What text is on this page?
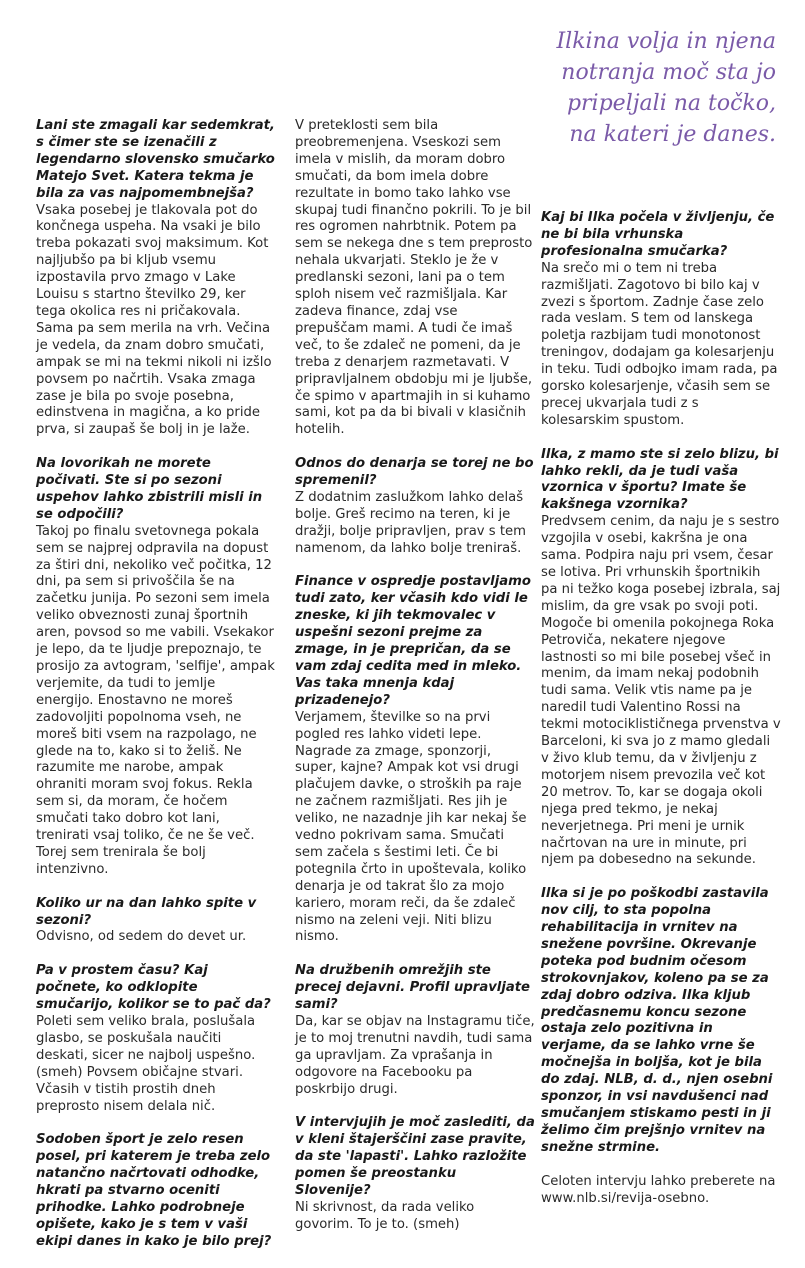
Ilkina volja in njena notranja moč sta jo pripeljali na točko, na kateri je danes.
Lani ste zmagali kar sedemkrat, s čimer ste se izenačili z legendarno slovensko smučarko Matejo Svet. Katera tekma je bila za vas najpomembnejša?
Vsaka posebej je tlakovala pot do končnega uspeha. Na vsaki je bilo treba pokazati svoj maksimum. Kot najljubšo pa bi kljub vsemu izpostavila prvo zmago v Lake Louisu s startno številko 29, ker tega okolica res ni pričakovala. Sama pa sem merila na vrh. Večina je vedela, da znam dobro smučati, ampak se mi na tekmi nikoli ni izšlo povsem po načrtih. Vsaka zmaga zase je bila po svoje posebna, edinstvena in magična, a ko pride prva, si zaupaš še bolj in je laže.
Na lovorikah ne morete počivati. Ste si po sezoni uspehov lahko zbistrili misli in se odpočili?
Takoj po finalu svetovnega pokala sem se najprej odpravila na dopust za štiri dni, nekoliko več počitka, 12 dni, pa sem si privoščila še na začetku junija. Po sezoni sem imela veliko obveznosti zunaj športnih aren, povsod so me vabili. Vsekakor je lepo, da te ljudje prepoznajo, te prosijo za avtogram, 'selfije', ampak verjemite, da tudi to jemlje energijo. Enostavno ne moreš zadovoljiti popolnoma vseh, ne moreš biti vsem na razpolago, ne glede na to, kako si to želiš. Ne razumite me narobe, ampak ohraniti moram svoj fokus. Rekla sem si, da moram, če hočem smučati tako dobro kot lani, trenirati vsaj toliko, če ne še več. Torej sem trenirala še bolj intenzivno.
Koliko ur na dan lahko spite v sezoni?
Odvisno, od sedem do devet ur.
Pa v prostem času? Kaj počnete, ko odklopite smučarijo, kolikor se to pač da?
Poleti sem veliko brala, poslušala glasbo, se poskušala naučiti deskati, sicer ne najbolj uspešno. (smeh) Povsem običajne stvari. Včasih v tistih prostih dneh preprosto nisem delala nič.
Sodoben šport je zelo resen posel, pri katerem je treba zelo natančno načrtovati odhodke, hkrati pa stvarno oceniti prihodke. Lahko podrobneje opišete, kako je s tem v vaši ekipi danes in kako je bilo prej?
V preteklosti sem bila preobremenjena. Vseskozi sem imela v mislih, da moram dobro smučati, da bom imela dobre rezultate in bomo tako lahko vse skupaj tudi finančno pokrili. To je bil res ogromen nahrbtnik. Potem pa sem se nekega dne s tem preprosto nehala ukvarjati. Steklo je že v predlanski sezoni, lani pa o tem sploh nisem več razmišljala. Kar zadeva finance, zdaj vse prepuščam mami. A tudi če imaš več, to še zdaleč ne pomeni, da je treba z denarjem razmetavati. V pripravljalnem obdobju mi je ljubše, če spimo v apartmajih in si kuhamo sami, kot pa da bi bivali v klasičnih hotelih.
Odnos do denarja se torej ne bo spremenil?
Z dodatnim zaslužkom lahko delaš bolje. Greš recimo na teren, ki je dražji, bolje pripravljen, prav s tem namenom, da lahko bolje treniraš.
Finance v ospredje postavljamo tudi zato, ker včasih kdo vidi le zneske, ki jih tekmovalec v uspešni sezoni prejme za zmage, in je prepričan, da se vam zdaj cedita med in mleko. Vas taka mnenja kdaj prizadenejo?
Verjamem, številke so na prvi pogled res lahko videti lepe. Nagrade za zmage, sponzorji, super, kajne? Ampak kot vsi drugi plačujem davke, o stroških pa raje ne začnem razmišljati. Res jih je veliko, ne nazadnje jih kar nekaj še vedno pokrivam sama. Smučati sem začela s šestimi leti. Če bi potegnila črto in upoštevala, koliko denarja je od takrat šlo za mojo kariero, moram reči, da še zdaleč nismo na zeleni veji. Niti blizu nismo.
Na družbenih omrežjih ste precej dejavni. Profil upravljate sami?
Da, kar se objav na Instagramu tiče, je to moj trenutni navdih, tudi sama ga upravljam. Za vprašanja in odgovore na Facebooku pa poskrbijo drugi.
V intervjujih je moč zaslediti, da v kleni štajerščini zase pravite, da ste 'lapasti'. Lahko razložite pomen še preostanku Slovenije?
Ni skrivnost, da rada veliko govorim. To je to. (smeh)
Kaj bi Ilka počela v življenju, če ne bi bila vrhunska profesionalna smučarka?
Na srečo mi o tem ni treba razmišljati. Zagotovo bi bilo kaj v zvezi s športom. Zadnje čase zelo rada veslam. S tem od lanskega poletja razbijam tudi monotonost treningov, dodajam ga kolesarjenju in teku. Tudi odbojko imam rada, pa gorsko kolesarjenje, včasih sem se precej ukvarjala tudi z s kolesarskim spustom.
Ilka, z mamo ste si zelo blizu, bi lahko rekli, da je tudi vaša vzornica v športu? Imate še kakšnega vzornika?
Predvsem cenim, da naju je s sestro vzgojila v osebi, kakršna je ona sama. Podpira naju pri vsem, česar se lotiva. Pri vrhunskih športnikih pa ni težko koga posebej izbrala, saj mislim, da gre vsak po svoji poti. Mogoče bi omenila pokojnega Roka Petroviča, nekatere njegove lastnosti so mi bile posebej všeč in menim, da imam nekaj podobnih tudi sama. Velik vtis name pa je naredil tudi Valentino Rossi na tekmi motociklističnega prvenstva v Barceloni, ki sva jo z mamo gledali v živo klub temu, da v življenju z motorjem nisem prevozila več kot 20 metrov. To, kar se dogaja okoli njega pred tekmo, je nekaj neverjetnega. Pri meni je urnik načrtovan na ure in minute, pri njem pa dobesedno na sekunde.
Ilka si je po poškodbi zastavila nov cilj, to sta popolna rehabilitacija in vrnitev na snežene površine. Okrevanje poteka pod budnim očesom strokovnjakov, koleno pa se za zdaj dobro odziva. Ilka kljub predčasnemu koncu sezone ostaja zelo pozitivna in verjame, da se lahko vrne še močnejša in boljša, kot je bila do zdaj. NLB, d. d., njen osebni sponzor, in vsi navdušenci nad smučanjem stiskamo pesti in ji želimo čim prejšnjo vrnitev na snežne strmine.
Celoten intervju lahko preberete na www.nlb.si/revija-osebno.
